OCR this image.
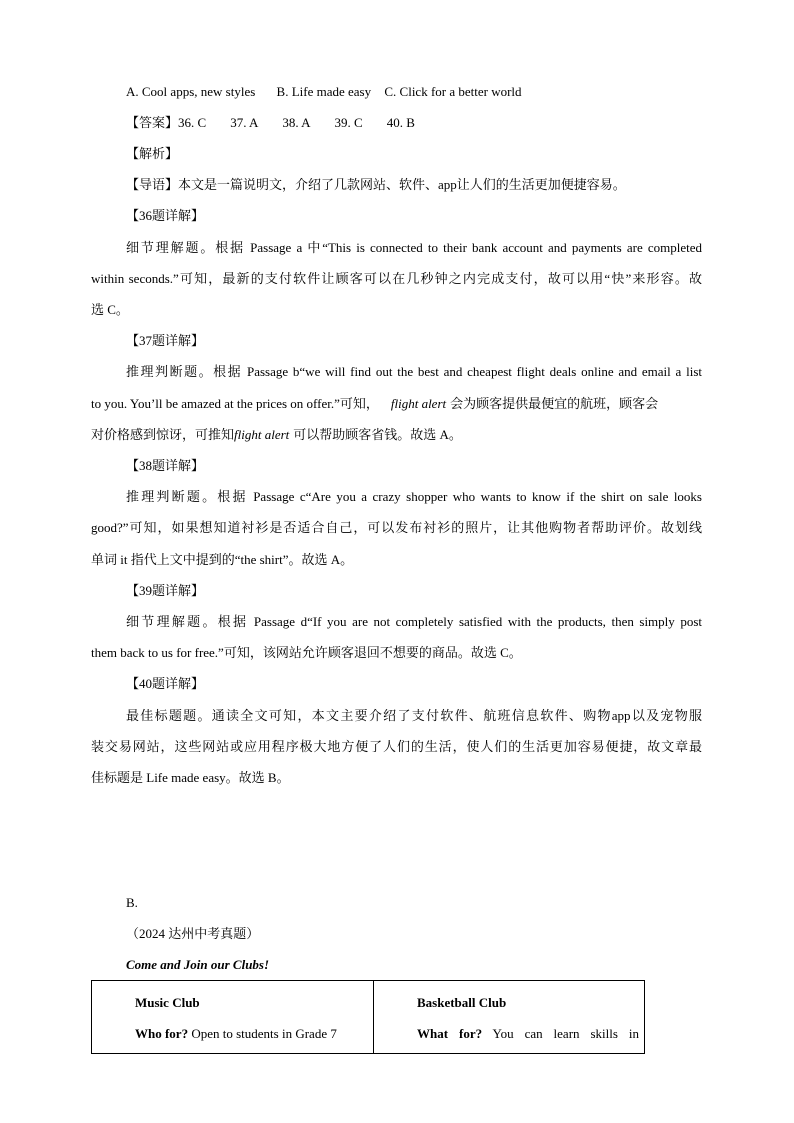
A. Cool apps, new styles B. Life made easy C. Click for a better world
【答案】36. C 37. A 38. A 39. C 40. B
【解析】
【导语】本文是一篇说明文，介绍了几款网站、软件、app让人们的生活更加便捷容易。
【36题详解】
细节理解题。根据 Passage a 中“This is connected to their bank account and payments are completed
within seconds.”可知，最新的支付软件让顾客可以在几秒钟之内完成支付，故可以用“快”来形容。故
选 C。
【37题详解】
推理判断题。根据 Passage b“we will find out the best and cheapest flight deals online and email a list
to you. You’ll be amazed at the prices on offer.”可知， flight alert 会为顾客提供最便宜的航班，顾客会
对价格感到惊讶，可推知flight alert 可以帮助顾客省钱。故选 A。
【38题详解】
推理判断题。根据 Passage c“Are you a crazy shopper who wants to know if the shirt on sale looks
good?”可知，如果想知道衬衫是否适合自己，可以发布衬衫的照片，让其他购物者帮助评价。故划线
单词 it 指代上文中提到的“the shirt”。故选 A。
【39题详解】
细节理解题。根据 Passage d“If you are not completely satisfied with the products, then simply post
them back to us for free.”可知，该网站允许顾客退回不想要的商品。故选 C。
【40题详解】
最佳标题题。通读全文可知，本文主要介绍了支付软件、航班信息软件、购物app以及宠物服
装交易网站，这些网站或应用程序极大地方便了人们的生活，使人们的生活更加容易便捷，故文章最
佳标题是 Life made easy。故选 B。
B.
（2024 达州中考真题）
Come and Join our Clubs!
Music Club
Who for? Open to students in Grade 7

Basketball Club
What for? You can learn skills in
